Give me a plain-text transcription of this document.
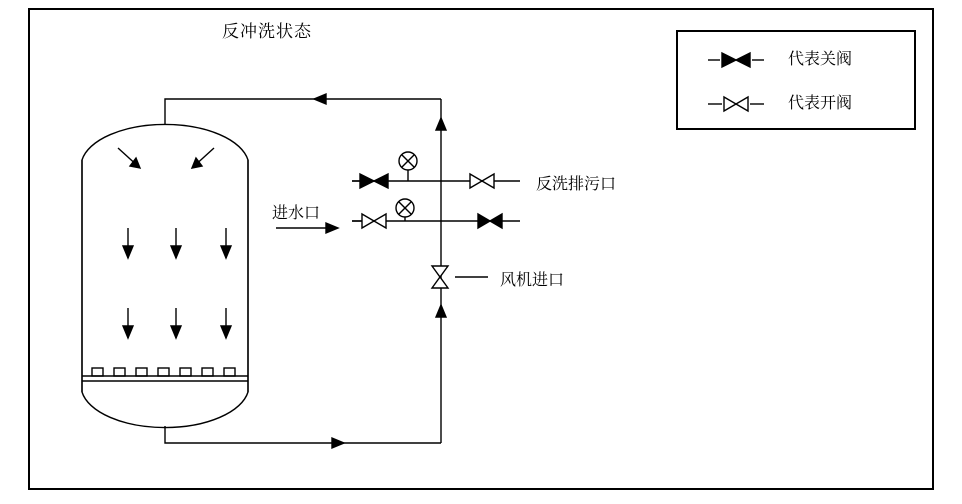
反冲洗状态
代表关阀
代表开阀
进水口
反洗排污口
风机进口
